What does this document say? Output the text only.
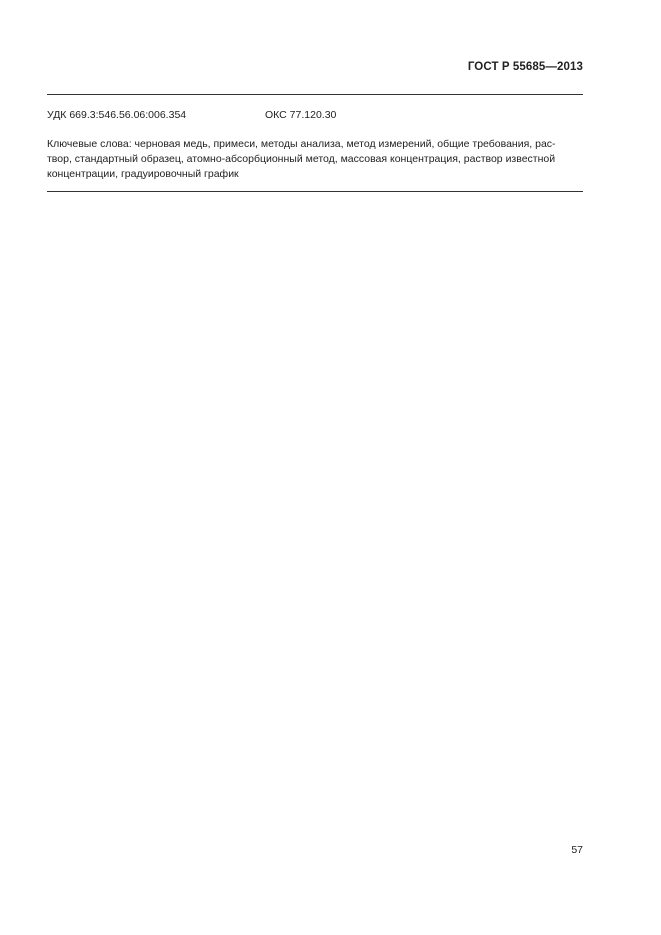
ГОСТ Р 55685—2013
УДК 669.3:546.56.06:006.354	ОКС 77.120.30
Ключевые слова: черновая медь, примеси, методы анализа, метод измерений, общие требования, рас-
твор, стандартный образец, атомно-абсорбционный метод, массовая концентрация, раствор известной
концентрации, градуировочный график
57
